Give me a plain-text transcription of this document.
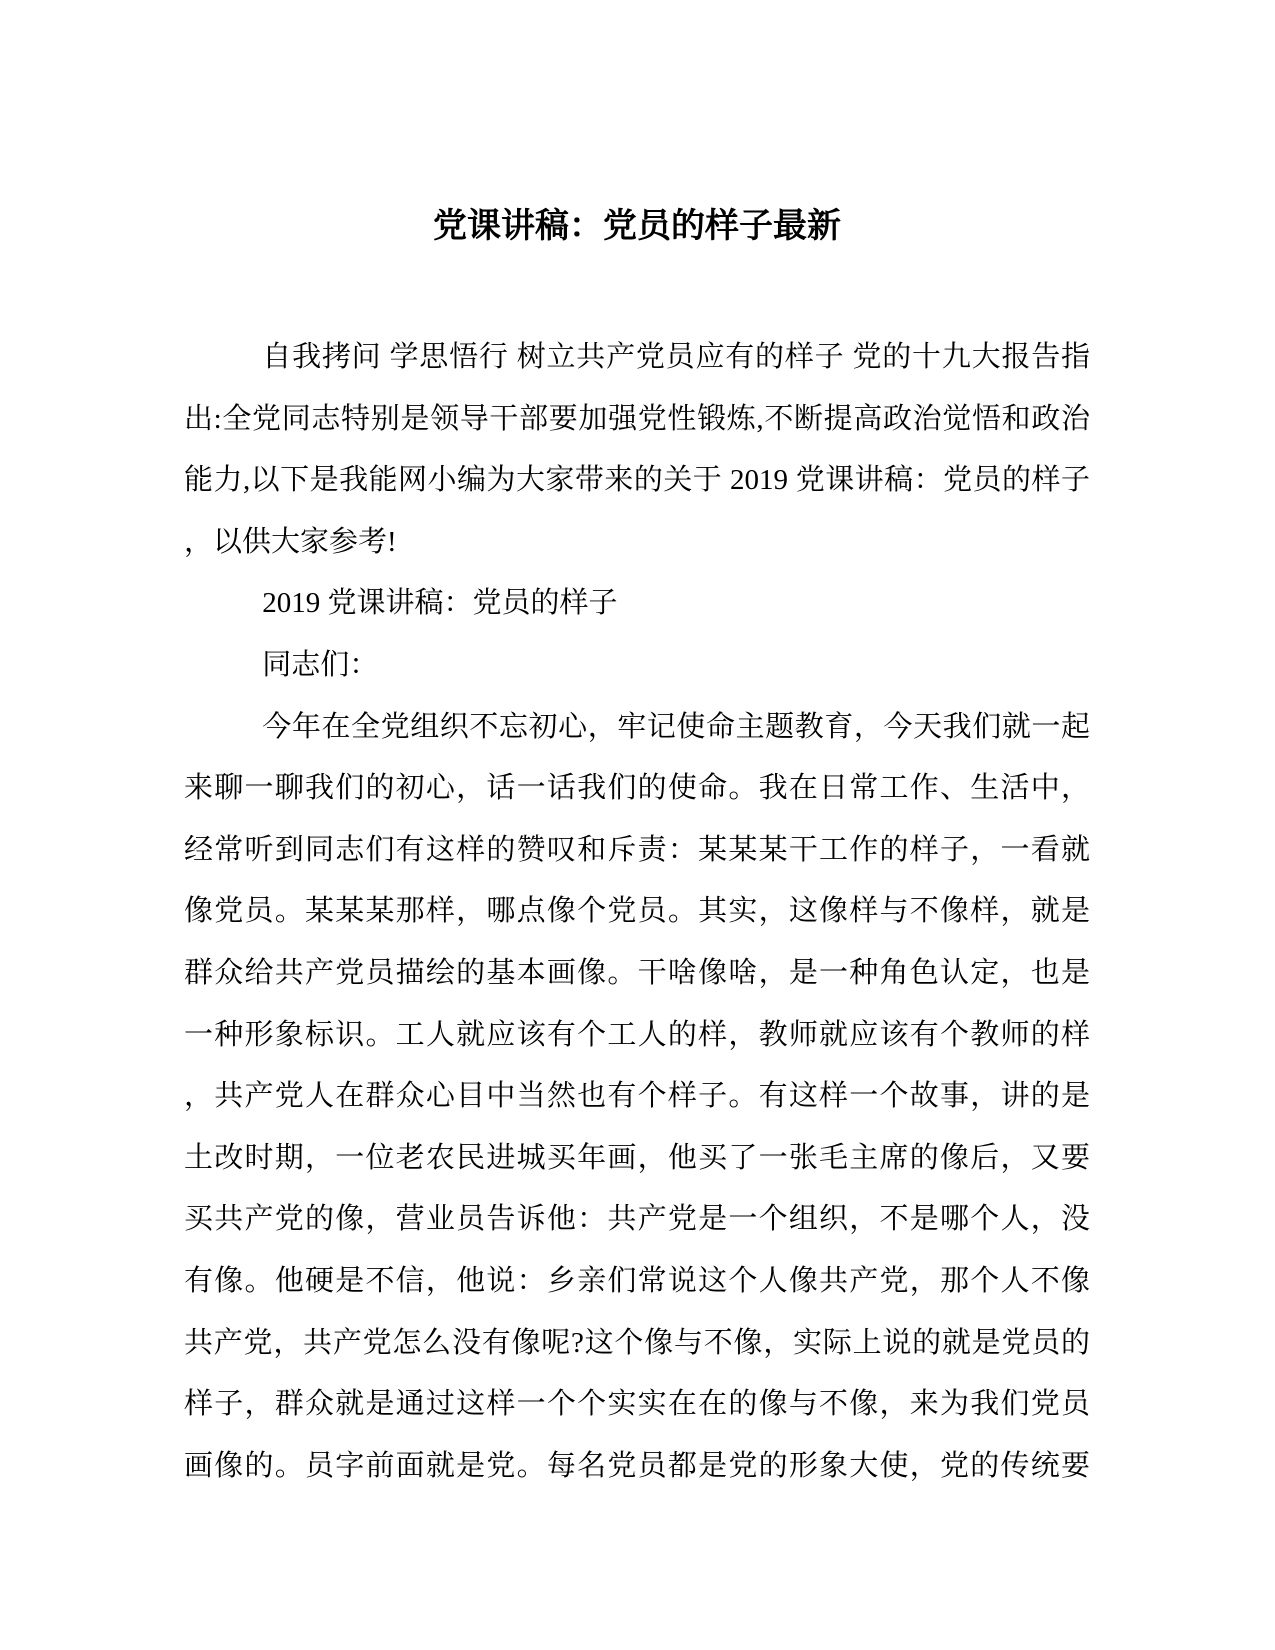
党课讲稿：党员的样子最新
自我拷问 学思悟行 树立共产党员应有的样子 党的十九大报告指
出:全党同志特别是领导干部要加强党性锻炼,不断提高政治觉悟和政治
能力,以下是我能网小编为大家带来的关于 2019 党课讲稿：党员的样子
，以供大家参考!
2019 党课讲稿：党员的样子
同志们：
今年在全党组织不忘初心，牢记使命主题教育，今天我们就一起
来聊一聊我们的初心，话一话我们的使命。我在日常工作、生活中，
经常听到同志们有这样的赞叹和斥责：某某某干工作的样子，一看就
像党员。某某某那样，哪点像个党员。其实，这像样与不像样，就是
群众给共产党员描绘的基本画像。干啥像啥，是一种角色认定，也是
一种形象标识。工人就应该有个工人的样，教师就应该有个教师的样
，共产党人在群众心目中当然也有个样子。有这样一个故事，讲的是
土改时期，一位老农民进城买年画，他买了一张毛主席的像后，又要
买共产党的像，营业员告诉他：共产党是一个组织，不是哪个人，没
有像。他硬是不信，他说：乡亲们常说这个人像共产党，那个人不像
共产党，共产党怎么没有像呢?这个像与不像，实际上说的就是党员的
样子，群众就是通过这样一个个实实在在的像与不像，来为我们党员
画像的。员字前面就是党。每名党员都是党的形象大使，党的传统要
